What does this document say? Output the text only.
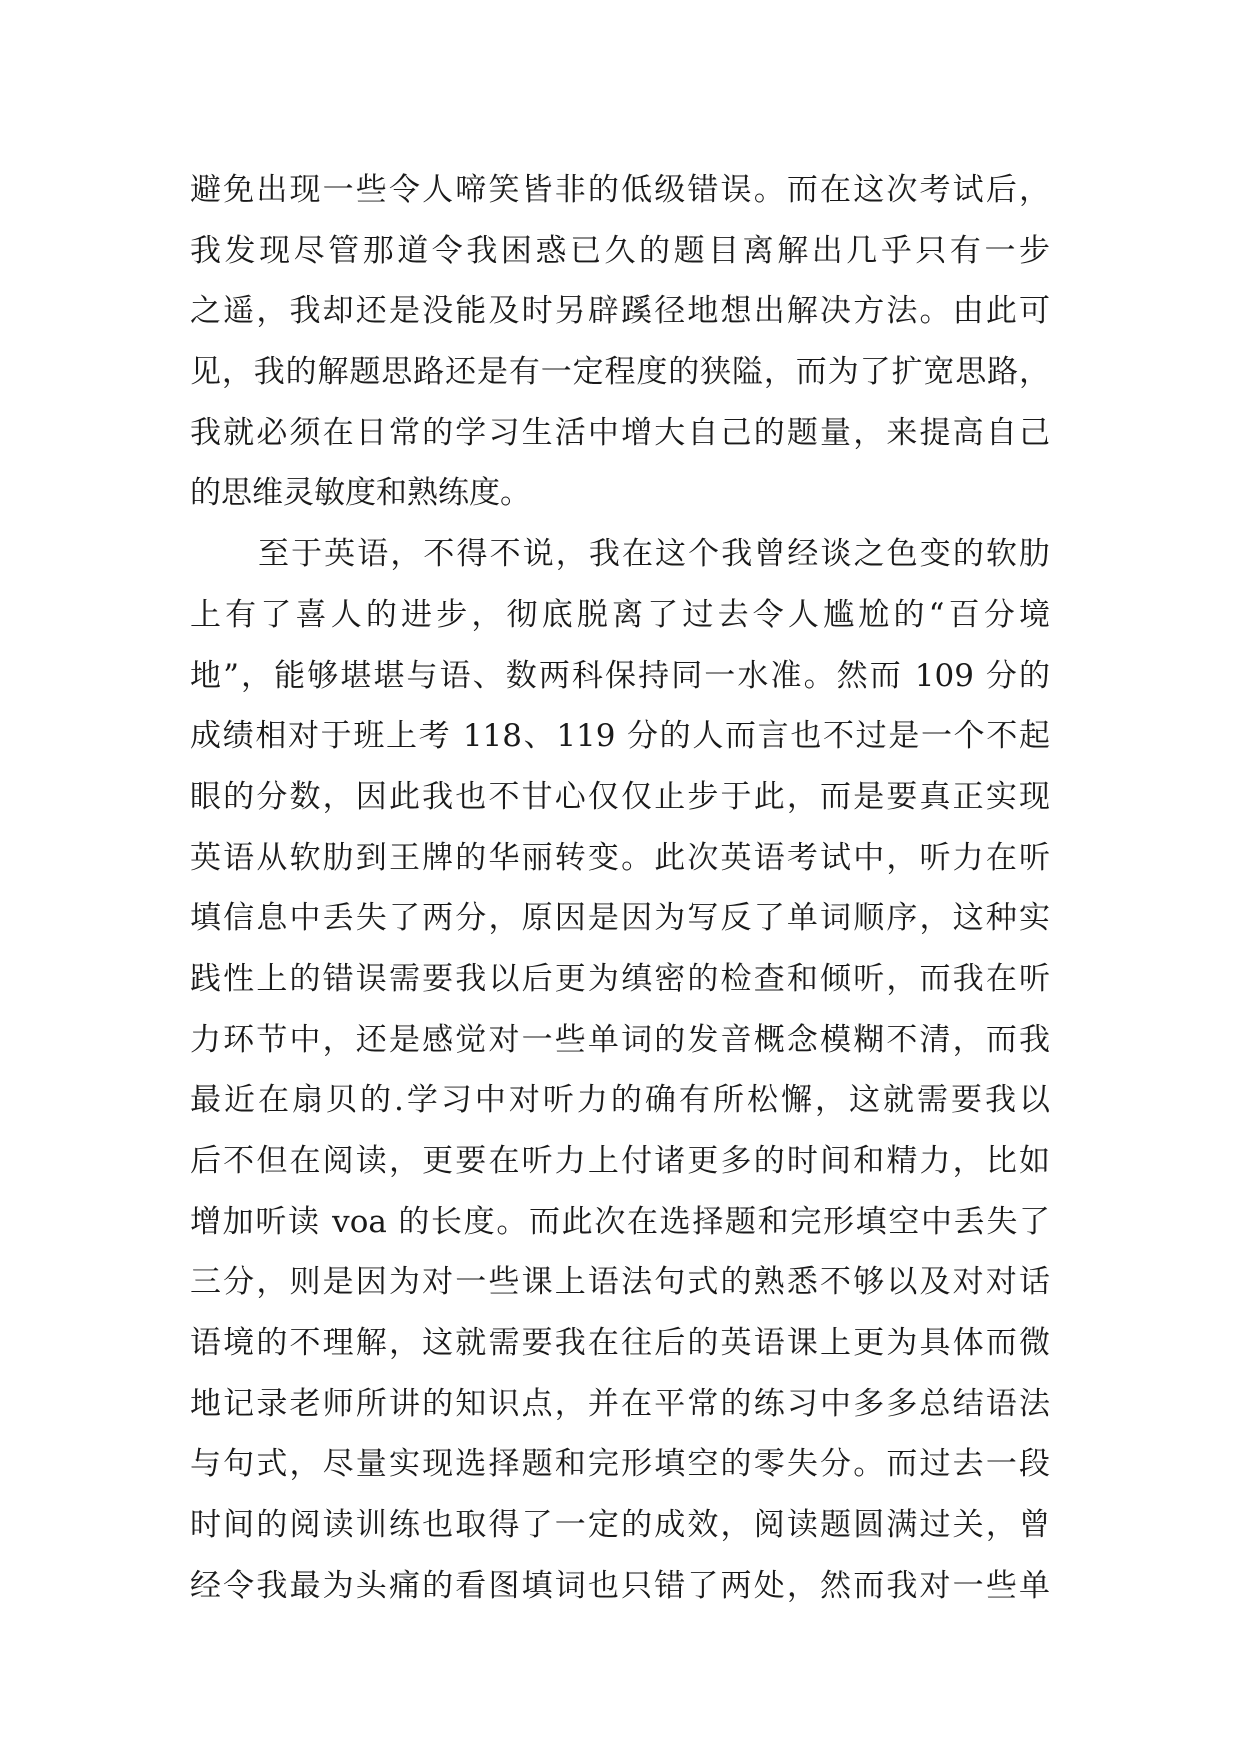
避免出现一些令人啼笑皆非的低级错误。而在这次考试后，
我发现尽管那道令我困惑已久的题目离解出几乎只有一步
之遥，我却还是没能及时另辟蹊径地想出解决方法。由此可
见，我的解题思路还是有一定程度的狭隘，而为了扩宽思路，
我就必须在日常的学习生活中增大自己的题量，来提高自己
的思维灵敏度和熟练度。
至于英语，不得不说，我在这个我曾经谈之色变的软肋
上有了喜人的进步，彻底脱离了过去令人尴尬的“百分境
地”，能够堪堪与语、数两科保持同一水准。然而 109 分的
成绩相对于班上考 118、119 分的人而言也不过是一个不起
眼的分数，因此我也不甘心仅仅止步于此，而是要真正实现
英语从软肋到王牌的华丽转变。此次英语考试中，听力在听
填信息中丢失了两分，原因是因为写反了单词顺序，这种实
践性上的错误需要我以后更为缜密的检查和倾听，而我在听
力环节中，还是感觉对一些单词的发音概念模糊不清，而我
最近在扇贝的.学习中对听力的确有所松懈，这就需要我以
后不但在阅读，更要在听力上付诸更多的时间和精力，比如
增加听读 voa 的长度。而此次在选择题和完形填空中丢失了
三分，则是因为对一些课上语法句式的熟悉不够以及对对话
语境的不理解，这就需要我在往后的英语课上更为具体而微
地记录老师所讲的知识点，并在平常的练习中多多总结语法
与句式，尽量实现选择题和完形填空的零失分。而过去一段
时间的阅读训练也取得了一定的成效，阅读题圆满过关，曾
经令我最为头痛的看图填词也只错了两处，然而我对一些单
